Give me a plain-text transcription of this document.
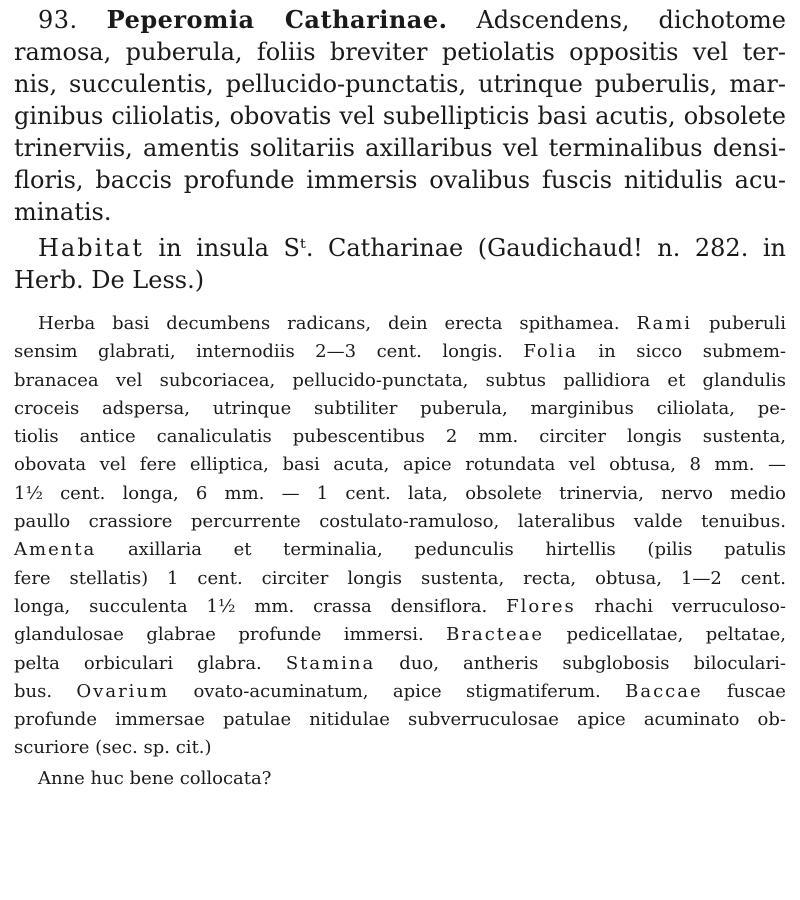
93. Peperomia Catharinae. Adscendens, dichotome
ramosa, puberula, foliis breviter petiolatis oppositis vel ter-
nis, succulentis, pellucido-punctatis, utrinque puberulis, mar-
ginibus ciliolatis, obovatis vel subellipticis basi acutis, obsolete
trinerviis, amentis solitariis axillaribus vel terminalibus densi-
floris, baccis profunde immersis ovalibus fuscis nitidulis acu-
minatis.
Habitat in insula Sᵗ. Catharinae (Gaudichaud! n. 282. in
Herb. De Less.)
Herba basi decumbens radicans, dein erecta spithamea. Rami puberuli
sensim glabrati, internodiis 2—3 cent. longis. Folia in sicco submem-
branacea vel subcoriacea, pellucido-punctata, subtus pallidiora et glandulis
croceis adspersa, utrinque subtiliter puberula, marginibus ciliolata, pe-
tiolis antice canaliculatis pubescentibus 2 mm. circiter longis sustenta,
obovata vel fere elliptica, basi acuta, apice rotundata vel obtusa, 8 mm. —
1½ cent. longa, 6 mm. — 1 cent. lata, obsolete trinervia, nervo medio
paullo crassiore percurrente costulato-ramuloso, lateralibus valde tenuibus.
Amenta axillaria et terminalia, pedunculis hirtellis (pilis patulis
fere stellatis) 1 cent. circiter longis sustenta, recta, obtusa, 1—2 cent.
longa, succulenta 1½ mm. crassa densiflora. Flores rhachi verruculoso-
glandulosae glabrae profunde immersi. Bracteae pedicellatae, peltatae,
pelta orbiculari glabra. Stamina duo, antheris subglobosis biloculari-
bus. Ovarium ovato-acuminatum, apice stigmatiferum. Baccae fuscae
profunde immersae patulae nitidulae subverruculosae apice acuminato ob-
scuriore (sec. sp. cit.)
Anne huc bene collocata?
